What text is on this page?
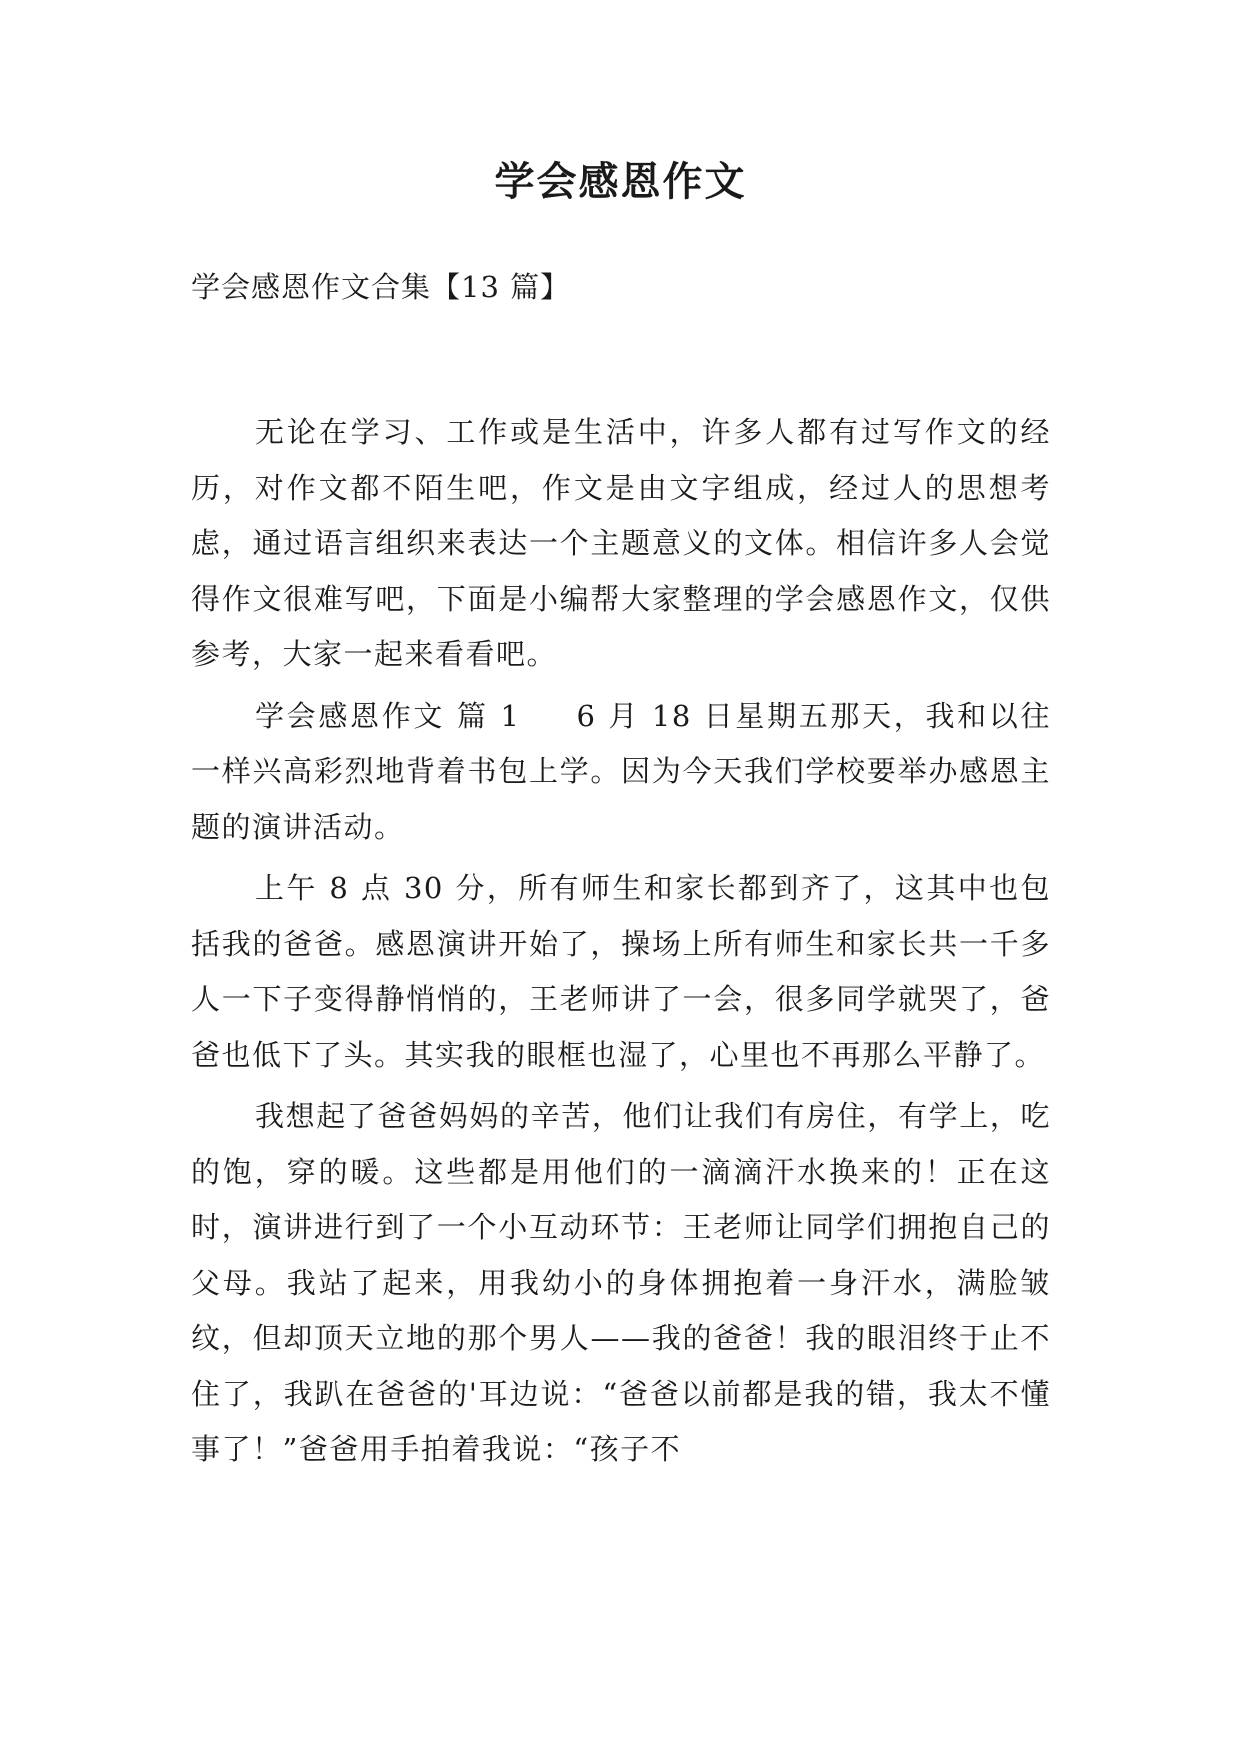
学会感恩作文

学会感恩作文合集【13 篇】

无论在学习、工作或是生活中，许多人都有过写作文的经历，对作文都不陌生吧，作文是由文字组成，经过人的思想考虑，通过语言组织来表达一个主题意义的文体。相信许多人会觉得作文很难写吧，下面是小编帮大家整理的学会感恩作文，仅供参考，大家一起来看看吧。

学会感恩作文 篇 1 6 月 18 日星期五那天，我和以往一样兴高彩烈地背着书包上学。因为今天我们学校要举办感恩主题的演讲活动。

上午 8 点 30 分，所有师生和家长都到齐了，这其中也包括我的爸爸。感恩演讲开始了，操场上所有师生和家长共一千多人一下子变得静悄悄的，王老师讲了一会，很多同学就哭了，爸爸也低下了头。其实我的眼框也湿了，心里也不再那么平静了。

我想起了爸爸妈妈的辛苦，他们让我们有房住，有学上，吃的饱，穿的暖。这些都是用他们的一滴滴汗水换来的！正在这时，演讲进行到了一个小互动环节：王老师让同学们拥抱自己的父母。我站了起来，用我幼小的身体拥抱着一身汗水，满脸皱纹，但却顶天立地的那个男人——我的爸爸！我的眼泪终于止不住了，我趴在爸爸的'耳边说：“爸爸以前都是我的错，我太不懂事了！”爸爸用手拍着我说：“孩子不
